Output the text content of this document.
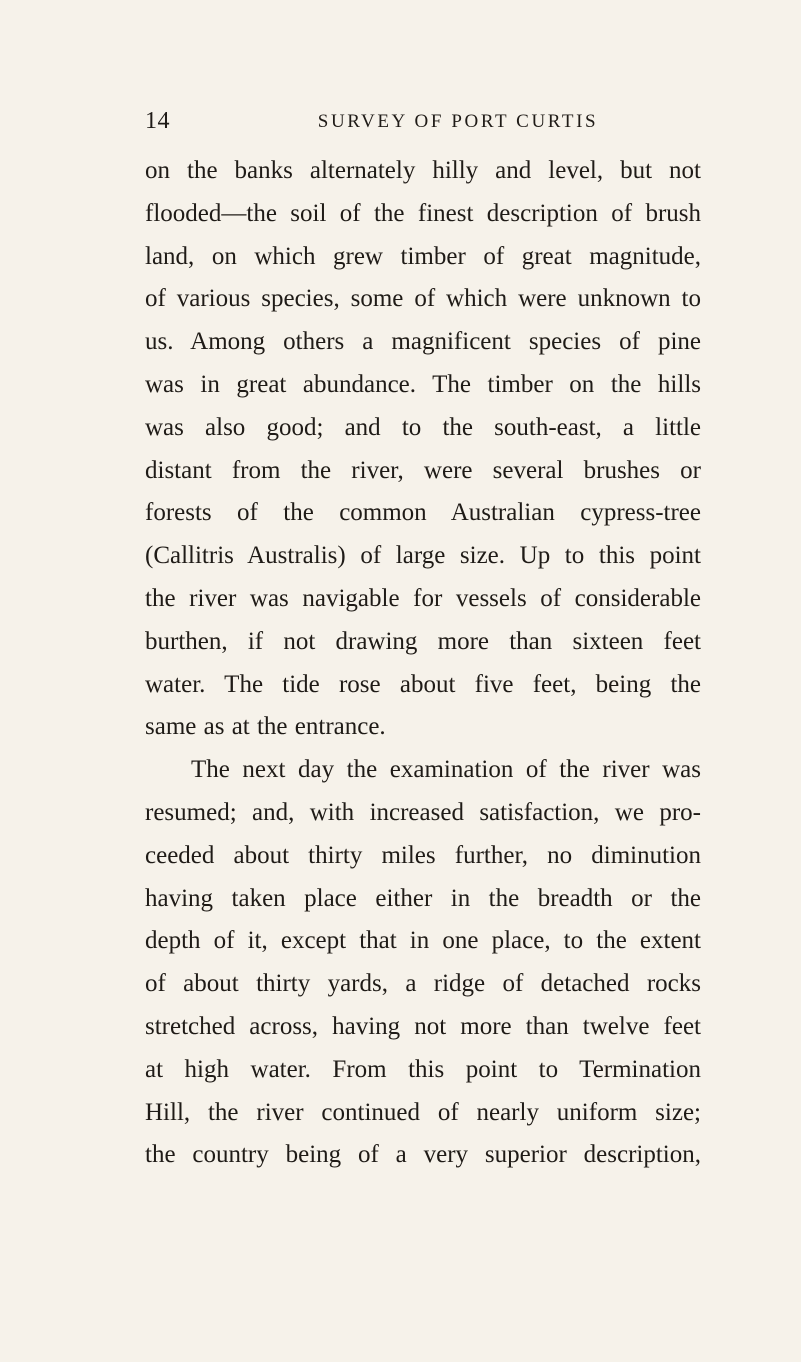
14	SURVEY OF PORT CURTIS
on the banks alternately hilly and level, but not
flooded—the soil of the finest description of brush
land, on which grew timber of great magnitude,
of various species, some of which were unknown to
us. Among others a magnificent species of pine
was in great abundance. The timber on the hills
was also good; and to the south-east, a little
distant from the river, were several brushes or
forests of the common Australian cypress-tree
(Callitris Australis) of large size. Up to this point
the river was navigable for vessels of considerable
burthen, if not drawing more than sixteen feet
water. The tide rose about five feet, being the
same as at the entrance.
The next day the examination of the river was
resumed; and, with increased satisfaction, we pro-
ceeded about thirty miles further, no diminution
having taken place either in the breadth or the
depth of it, except that in one place, to the extent
of about thirty yards, a ridge of detached rocks
stretched across, having not more than twelve feet
at high water. From this point to Termination
Hill, the river continued of nearly uniform size;
the country being of a very superior description,
